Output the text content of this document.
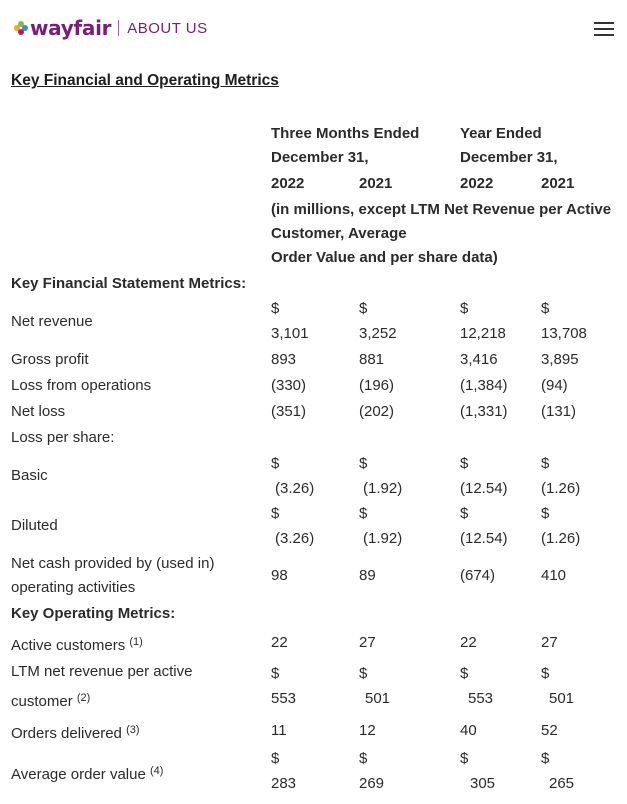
wayfair ABOUT US
Key Financial and Operating Metrics
Three Months Ended
December 31,
Year Ended
December 31,
2022	2021	2022	2021
(in millions, except LTM Net Revenue per Active
Customer, Average
Order Value and per share data)
Key Financial Statement Metrics:
Net revenue
$	$	$	$
3,101	3,252	12,218 13,708
Gross profit	893	881	3,416	3,895
Loss from operations	(330)	(196)	(1,384) (94)
Net loss	(351)	(202)	(1,331) (131)
Loss per share:
Basic
$	$	$	$
(3.26)	(1.92)	(12.54) (1.26)
Diluted
$	$	$	$
(3.26)	(1.92)	(12.54) (1.26)
Net cash provided by (used in)
operating activities
98	89	(674)	410
Key Operating Metrics:
Active customers $^{(1)}$	22	27	22	27
LTM net revenue per active
customer $^{(2)}$
$	$	$	$
553	501	553	501
Orders delivered $^{(3)}$	11	12	40	52
Average order value $^{(4)}$
$	$	$	$
283	269	305	265
